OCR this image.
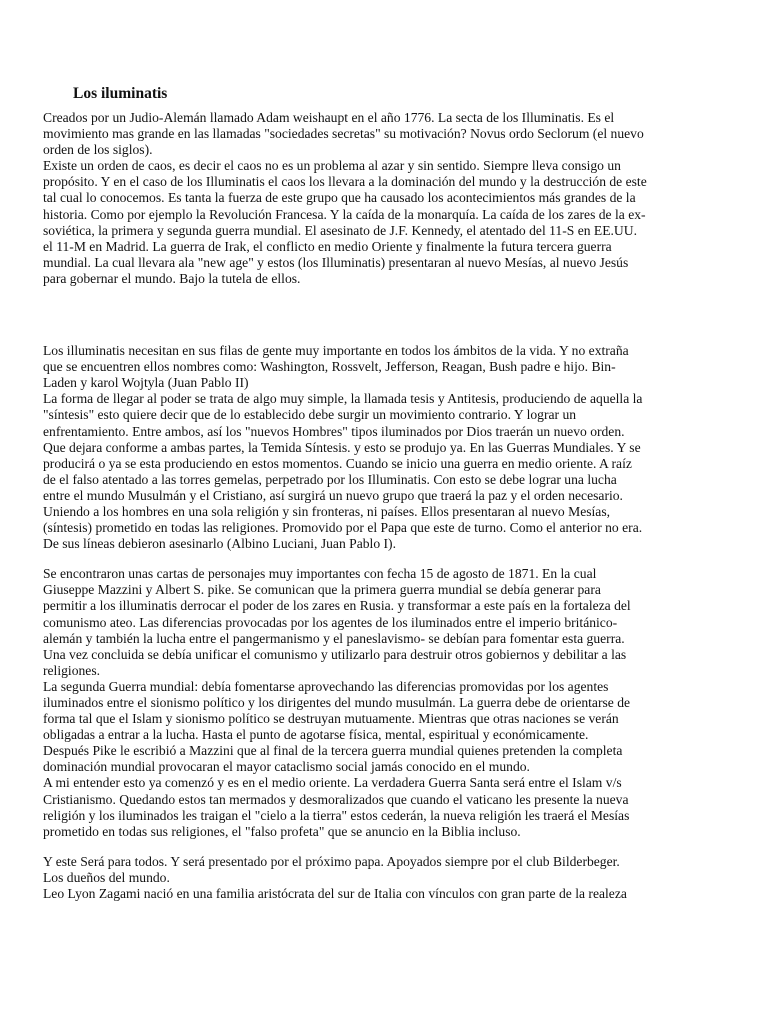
Los iluminatis
Creados por un Judio-Alemán llamado Adam weishaupt en el año 1776. La secta de los Illuminatis. Es el
movimiento mas grande en las llamadas "sociedades secretas" su motivación? Novus ordo Seclorum (el nuevo
orden de los siglos).
Existe un orden de caos, es decir el caos no es un problema al azar y sin sentido. Siempre lleva consigo un
propósito. Y en el caso de los Illuminatis el caos los llevara a la dominación del mundo y la destrucción de este
tal cual lo conocemos. Es tanta la fuerza de este grupo que ha causado los acontecimientos más grandes de la
historia. Como por ejemplo la Revolución Francesa. Y la caída de la monarquía. La caída de los zares de la ex-
soviética, la primera y segunda guerra mundial. El asesinato de J.F. Kennedy, el atentado del 11-S en EE.UU.
el 11-M en Madrid. La guerra de Irak, el conflicto en medio Oriente y finalmente la futura tercera guerra
mundial. La cual llevara ala "new age" y estos (los Illuminatis) presentaran al nuevo Mesías, al nuevo Jesús
para gobernar el mundo. Bajo la tutela de ellos.
Los illuminatis necesitan en sus filas de gente muy importante en todos los ámbitos de la vida. Y no extraña
que se encuentren ellos nombres como: Washington, Rossvelt, Jefferson, Reagan, Bush padre e hijo. Bin-
Laden y karol Wojtyla (Juan Pablo II)
La forma de llegar al poder se trata de algo muy simple, la llamada tesis y Antitesis, produciendo de aquella la
"síntesis" esto quiere decir que de lo establecido debe surgir un movimiento contrario. Y lograr un
enfrentamiento. Entre ambos, así los "nuevos Hombres" tipos iluminados por Dios traerán un nuevo orden.
Que dejara conforme a ambas partes, la Temida Síntesis. y esto se produjo ya. En las Guerras Mundiales. Y se
producirá o ya se esta produciendo en estos momentos. Cuando se inicio una guerra en medio oriente. A raíz
de el falso atentado a las torres gemelas, perpetrado por los Illuminatis. Con esto se debe lograr una lucha
entre el mundo Musulmán y el Cristiano, así surgirá un nuevo grupo que traerá la paz y el orden necesario.
Uniendo a los hombres en una sola religión y sin fronteras, ni países. Ellos presentaran al nuevo Mesías,
(síntesis) prometido en todas las religiones. Promovido por el Papa que este de turno. Como el anterior no era.
De sus líneas debieron asesinarlo (Albino Luciani, Juan Pablo I).
Se encontraron unas cartas de personajes muy importantes con fecha 15 de agosto de 1871. En la cual
Giuseppe Mazzini y Albert S. pike. Se comunican que la primera guerra mundial se debía generar para
permitir a los illuminatis derrocar el poder de los zares en Rusia. y transformar a este país en la fortaleza del
comunismo ateo. Las diferencias provocadas por los agentes de los iluminados entre el imperio británico-
alemán y también la lucha entre el pangermanismo y el paneslavismo- se debían para fomentar esta guerra.
Una vez concluida se debía unificar el comunismo y utilizarlo para destruir otros gobiernos y debilitar a las
religiones.
La segunda Guerra mundial: debía fomentarse aprovechando las diferencias promovidas por los agentes
iluminados entre el sionismo político y los dirigentes del mundo musulmán. La guerra debe de orientarse de
forma tal que el Islam y sionismo político se destruyan mutuamente. Mientras que otras naciones se verán
obligadas a entrar a la lucha. Hasta el punto de agotarse física, mental, espiritual y económicamente.
Después Pike le escribió a Mazzini que al final de la tercera guerra mundial quienes pretenden la completa
dominación mundial provocaran el mayor cataclismo social jamás conocido en el mundo.
A mi entender esto ya comenzó y es en el medio oriente. La verdadera Guerra Santa será entre el Islam v/s
Cristianismo. Quedando estos tan mermados y desmoralizados que cuando el vaticano les presente la nueva
religión y los iluminados les traigan el "cielo a la tierra" estos cederán, la nueva religión les traerá el Mesías
prometido en todas sus religiones, el "falso profeta" que se anuncio en la Biblia incluso.
Y este Será para todos. Y será presentado por el próximo papa. Apoyados siempre por el club Bilderbeger.
Los dueños del mundo.
Leo Lyon Zagami nació en una familia aristócrata del sur de Italia con vínculos con gran parte de la realeza
